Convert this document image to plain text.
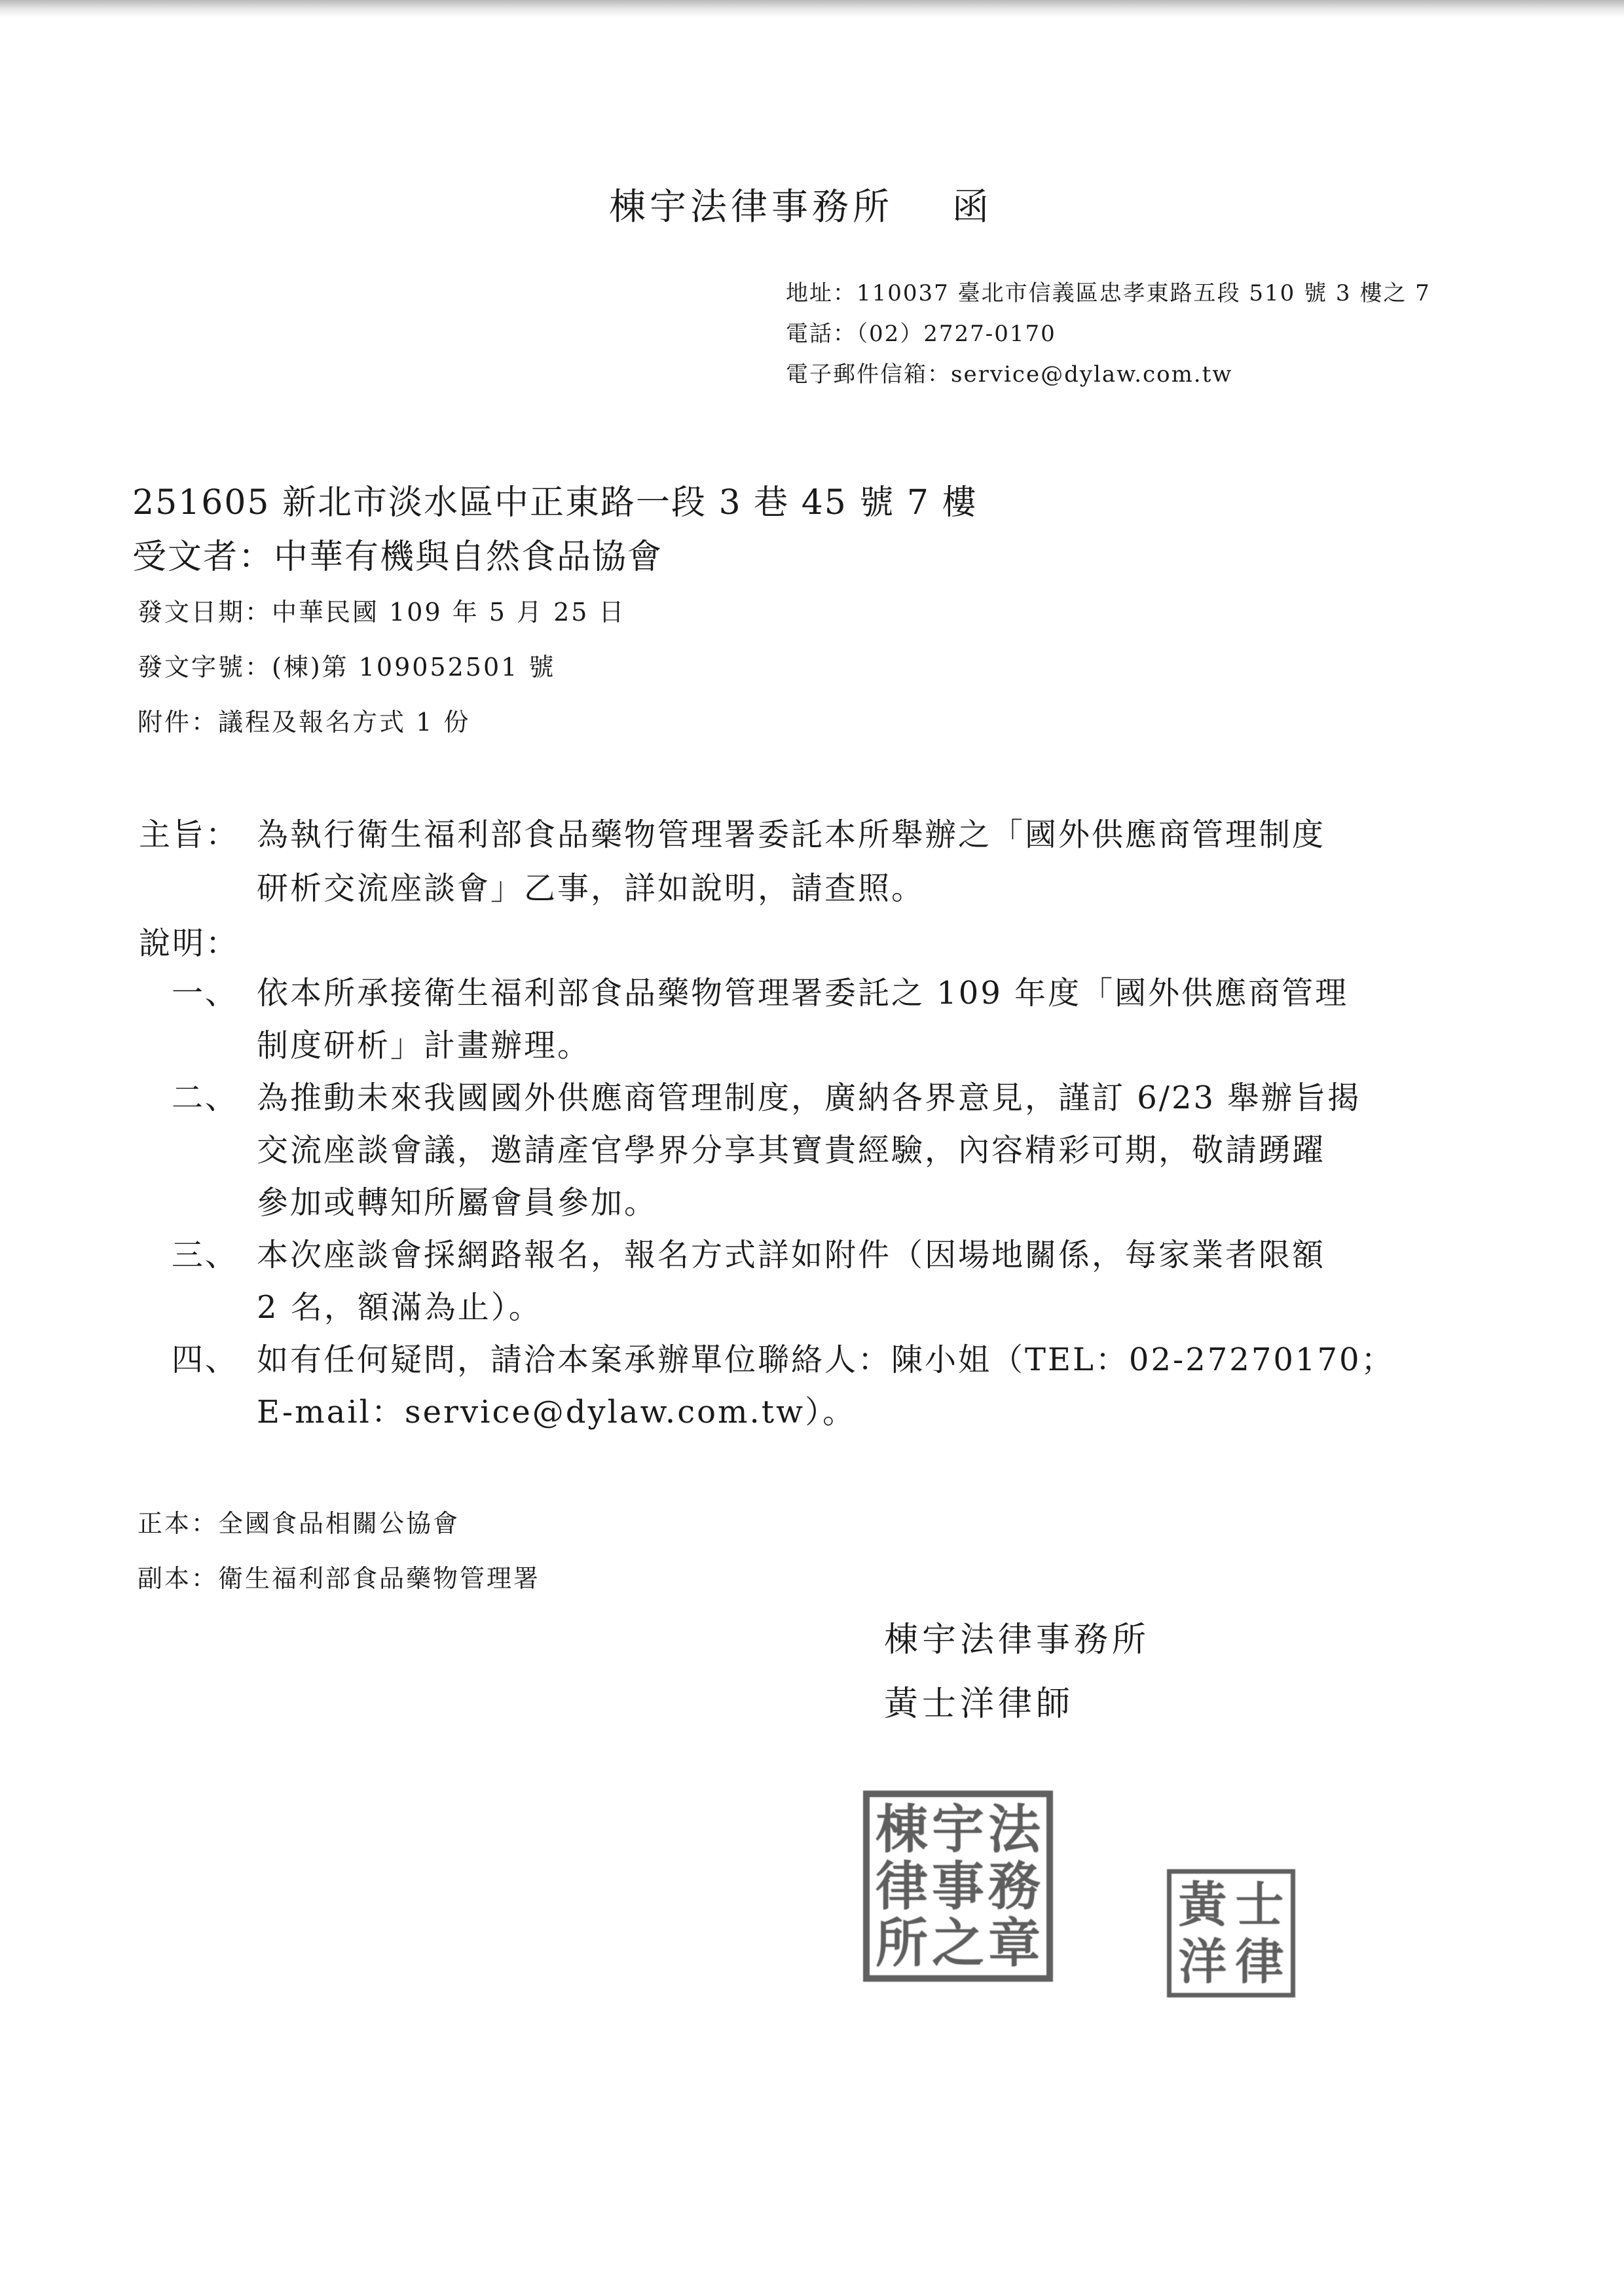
棟宇法律事務所 函
地址：110037 臺北市信義區忠孝東路五段 510 號 3 樓之 7
電話：（02）2727-0170
電子郵件信箱：service@dylaw.com.tw
251605 新北市淡水區中正東路一段 3 巷 45 號 7 樓
受文者：中華有機與自然食品協會
發文日期：中華民國 109 年 5 月 25 日
發文字號：(棟)第 109052501 號
附件：議程及報名方式 1 份
主旨： 為執行衛生福利部食品藥物管理署委託本所舉辦之「國外供應商管理制度
研析交流座談會」乙事，詳如說明，請查照。
說明：
一、 依本所承接衛生福利部食品藥物管理署委託之 109 年度「國外供應商管理
制度研析」計畫辦理。
二、 為推動未來我國國外供應商管理制度，廣納各界意見，謹訂 6/23 舉辦旨揭
交流座談會議，邀請產官學界分享其寶貴經驗，內容精彩可期，敬請踴躍
參加或轉知所屬會員參加。
三、 本次座談會採網路報名，報名方式詳如附件（因場地關係，每家業者限額
2 名，額滿為止）。
四、 如有任何疑問，請洽本案承辦單位聯絡人：陳小姐（TEL：02-27270170；
E-mail：service@dylaw.com.tw）。
正本：全國食品相關公協會
副本：衛生福利部食品藥物管理署
棟宇法律事務所
黃士洋律師
棟 宇 法
律 事 務
所 之 章
黃 士
洋 律
